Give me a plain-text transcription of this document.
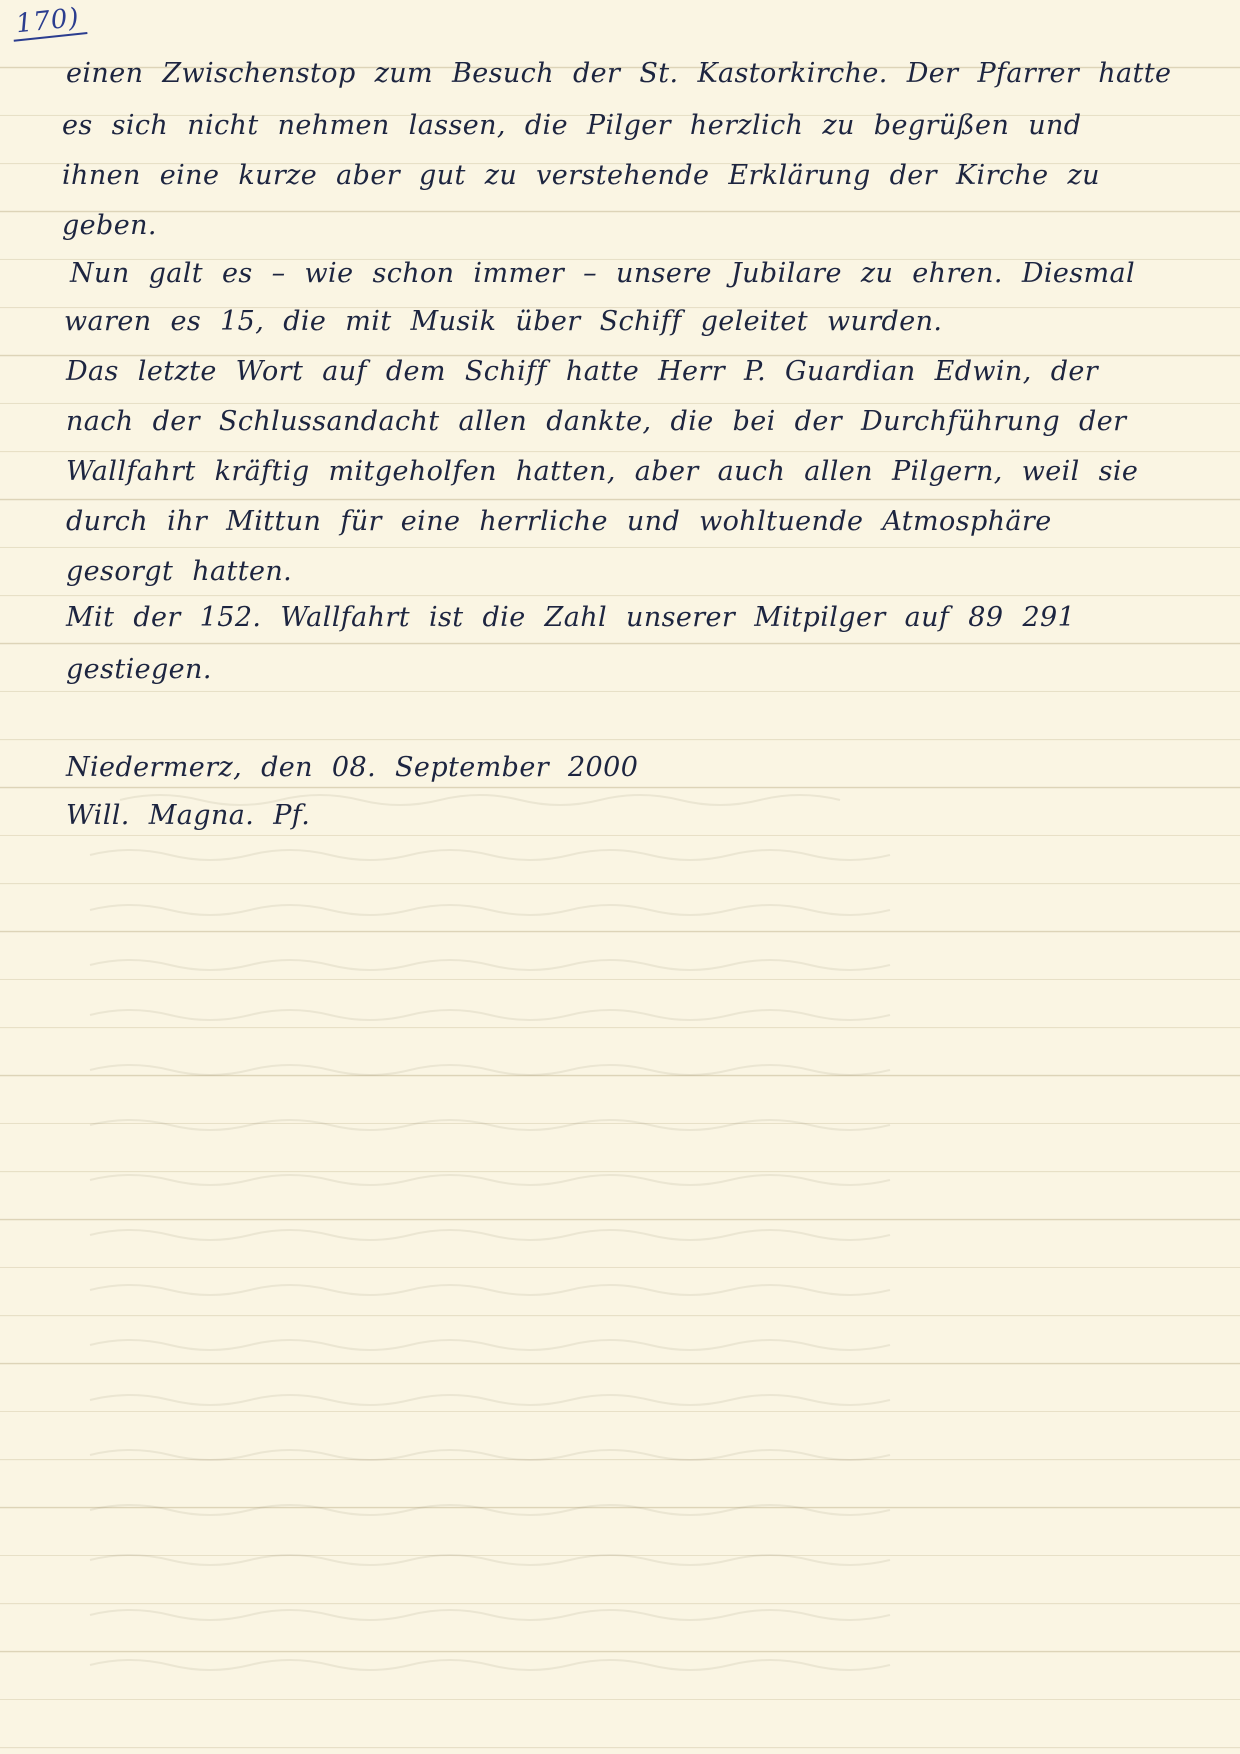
170)
einen Zwischenstop zum Besuch der St. Kastorkirche. Der Pfarrer hatte
es sich nicht nehmen lassen, die Pilger herzlich zu begrüßen und
ihnen eine kurze aber gut zu verstehende Erklärung der Kirche zu
geben.
Nun galt es – wie schon immer – unsere Jubilare zu ehren. Diesmal
waren es 15, die mit Musik über Schiff geleitet wurden.
Das letzte Wort auf dem Schiff hatte Herr P. Guardian Edwin, der
nach der Schlussandacht allen dankte, die bei der Durchführung der
Wallfahrt kräftig mitgeholfen hatten, aber auch allen Pilgern, weil sie
durch ihr Mittun für eine herrliche und wohltuende Atmosphäre
gesorgt hatten.
Mit der 152. Wallfahrt ist die Zahl unserer Mitpilger auf 89 291
gestiegen.
Niedermerz, den 08. September 2000
Will. Magna. Pf.
